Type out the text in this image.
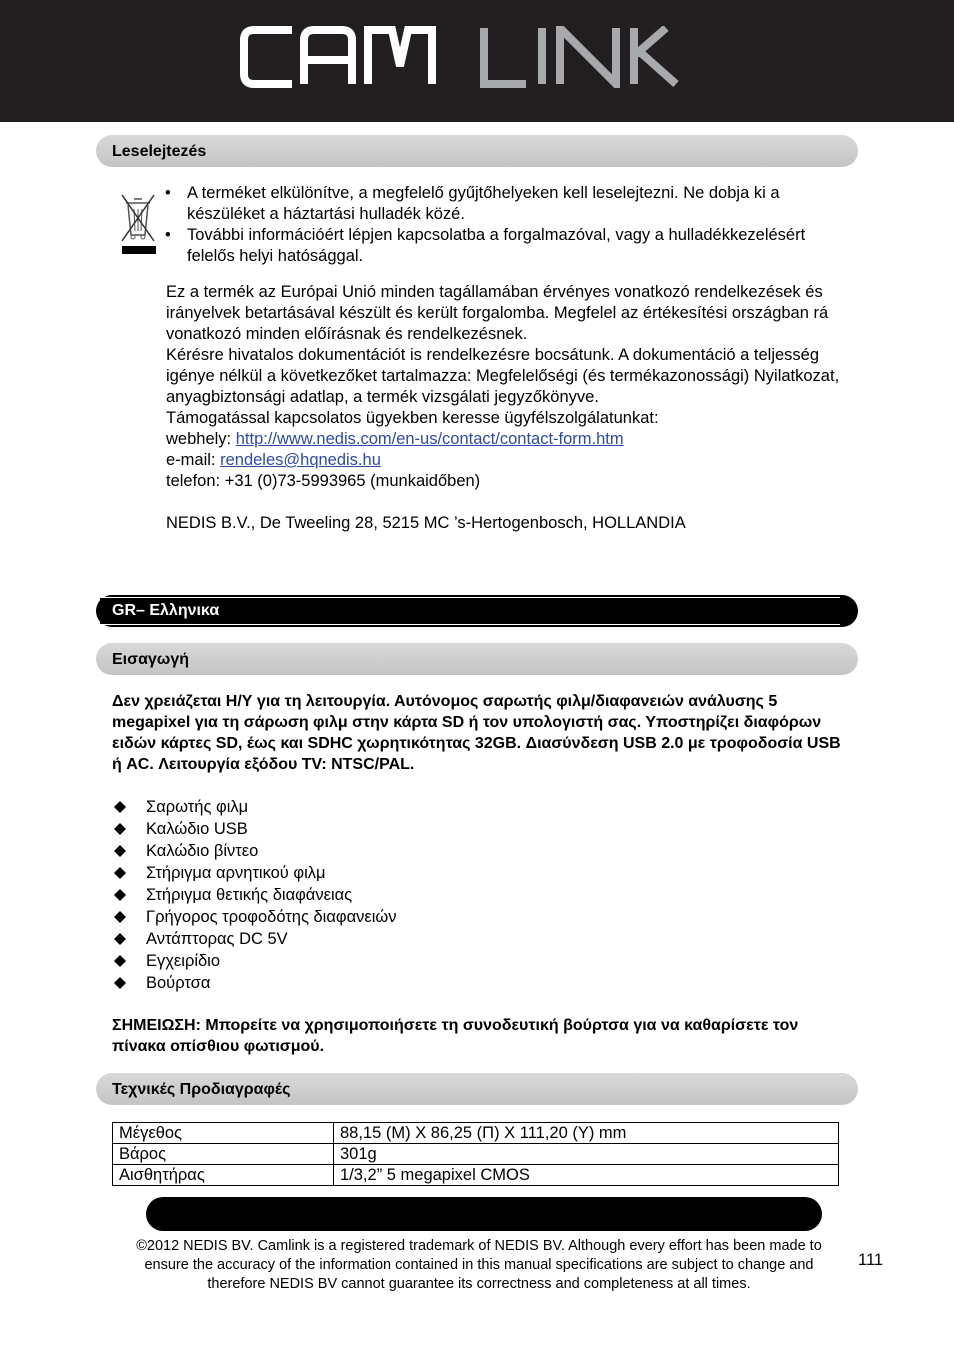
Leselejtezés
• A terméket elkülönítve, a megfelelő gyűjtőhelyeken kell leselejtezni. Ne dobja ki a készüléket a háztartási hulladék közé.
• További információért lépjen kapcsolatba a forgalmazóval, vagy a hulladékkezelésért felelős helyi hatósággal.

Ez a termék az Európai Unió minden tagállamában érvényes vonatkozó rendelkezések és irányelvek betartásával készült és került forgalomba. Megfelel az értékesítési országban rá vonatkozó minden előírásnak és rendelkezésnek.

Kérésre hivatalos dokumentációt is rendelkezésre bocsátunk. A dokumentáció a teljesség igénye nélkül a következőket tartalmazza: Megfelelőségi (és termékazonossági) Nyilatkozat, anyagbiztonsági adatlap, a termék vizsgálati jegyzőkönyve.

Támogatással kapcsolatos ügyekben keresse ügyfélszolgálatunkat:

webhely: http://www.nedis.com/en-us/contact/contact-form.htm

e-mail: rendeles@hqnedis.hu

telefon: +31 (0)73-5993965 (munkaidőben)

NEDIS B.V., De Tweeling 28, 5215 MC ’s-Hertogenbosch, HOLLANDIA

GR– Ελληνικα
Εισαγωγή
Δεν χρειάζεται Η/Υ για τη λειτουργία. Αυτόνομος σαρωτής φιλμ/διαφανειών ανάλυσης 5 megapixel για τη σάρωση φιλμ στην κάρτα SD ή τον υπολογιστή σας. Υποστηρίζει διαφόρων ειδών κάρτες SD, έως και SDHC χωρητικότητας 32GB. Διασύνδεση USB 2.0 με τροφοδοσία USB ή AC. Λειτουργία εξόδου TV: NTSC/PAL.
Σαρωτής φιλμ
Καλώδιο USB
Καλώδιο βίντεο
Στήριγμα αρνητικού φιλμ
Στήριγμα θετικής διαφάνειας
Γρήγορος τροφοδότης διαφανειών
Αντάπτορας DC 5V
Εγχειρίδιο
Βούρτσα
ΣΗΜΕΙΩΣΗ: Μπορείτε να χρησιμοποιήσετε τη συνοδευτική βούρτσα για να καθαρίσετε τον πίνακα οπίσθιου φωτισμού.
Τεχνικές Προδιαγραφές
Μέγεθος	88,15 (Μ) X 86,25 (Π) X 111,20 (Υ) mm
Βάρος	301g
Αισθητήρας	1/3,2” 5 megapixel CMOS
©2012 NEDIS BV. Camlink is a registered trademark of NEDIS BV. Although every effort has been made to ensure the accuracy of the information contained in this manual specifications are subject to change and therefore NEDIS BV cannot guarantee its correctness and completeness at all times.
111
